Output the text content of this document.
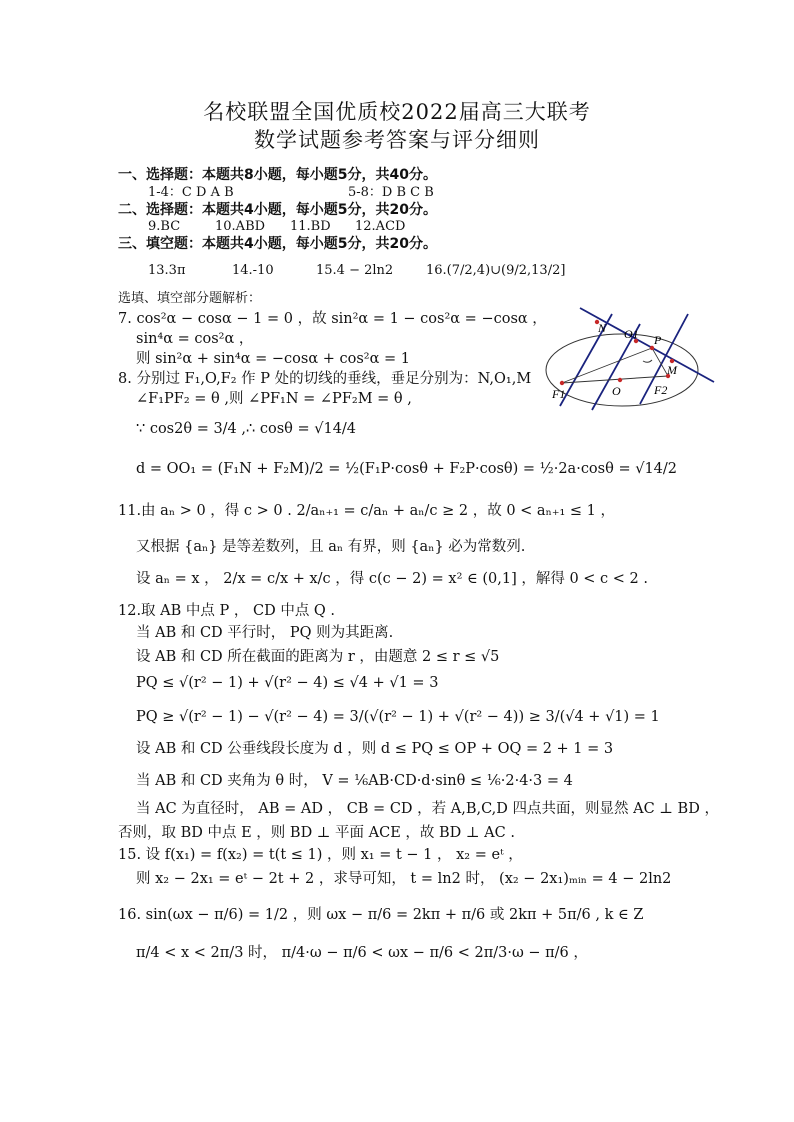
名校联盟全国优质校2022届高三大联考
数学试题参考答案与评分细则
一、选择题：本题共8小题，每小题5分，共40分。
1-4：C D A B	5-8：D B C B
二、选择题：本题共4小题，每小题5分，共20分。
9.BC	10.ABD 11.BD 12.ACD
三、填空题：本题共4小题，每小题5分，共20分。
13.3π	14.-10	15.4 − 2ln2	16.(7/2,4)∪(9/2,13/2]
选填、填空部分题解析：
7. cos²α − cosα − 1 = 0 ，故 sin²α = 1 − cos²α = −cosα ，
sin⁴α = cos²α ，
则 sin²α + sin⁴α = −cosα + cos²α = 1
8. 分别过 F₁,O,F₂ 作 P 处的切线的垂线，垂足分别为：N,O₁,M
∠F₁PF₂ = θ ,则 ∠PF₁N = ∠PF₂M = θ ,
∵ cos2θ = 3/4 ,∴ cosθ = √14/4
d = OO₁ = (F₁N + F₂M)/2 = ½(F₁P·cosθ + F₂P·cosθ) = ½·2a·cosθ = √14/2
11.由 aₙ > 0 ，得 c > 0 . 2/aₙ₊₁ = c/aₙ + aₙ/c ≥ 2 ，故 0 < aₙ₊₁ ≤ 1 ，
又根据 {aₙ} 是等差数列，且 aₙ 有界，则 {aₙ} 必为常数列.
设 aₙ = x ， 2/x = c/x + x/c ，得 c(c − 2) = x² ∈ (0,1] ，解得 0 < c < 2 .
12.取 AB 中点 P ， CD 中点 Q .
当 AB 和 CD 平行时， PQ 则为其距离.
设 AB 和 CD 所在截面的距离为 r ，由题意 2 ≤ r ≤ √5
PQ ≤ √(r² − 1) + √(r² − 4) ≤ √4 + √1 = 3
PQ ≥ √(r² − 1) − √(r² − 4) = 3/(√(r² − 1) + √(r² − 4)) ≥ 3/(√4 + √1) = 1
设 AB 和 CD 公垂线段长度为 d ，则 d ≤ PQ ≤ OP + OQ = 2 + 1 = 3
当 AB 和 CD 夹角为 θ 时， V = ⅙AB·CD·d·sinθ ≤ ⅙·2·4·3 = 4
当 AC 为直径时， AB = AD ， CB = CD ，若 A,B,C,D 四点共面，则显然 AC ⊥ BD ，
否则，取 BD 中点 E ，则 BD ⊥ 平面 ACE ，故 BD ⊥ AC .
15. 设 f(x₁) = f(x₂) = t(t ≤ 1) ，则 x₁ = t − 1 ， x₂ = eᵗ ，
则 x₂ − 2x₁ = eᵗ − 2t + 2 ，求导可知， t = ln2 时， (x₂ − 2x₁)ₘᵢₙ = 4 − 2ln2
16. sin(ωx − π/6) = 1/2 ，则 ωx − π/6 = 2kπ + π/6 或 2kπ + 5π/6 , k ∈ Z
π/4 < x < 2π/3 时， π/4·ω − π/6 < ωx − π/6 < 2π/3·ω − π/6 ，
N O1 P
M
F1	O	F2
